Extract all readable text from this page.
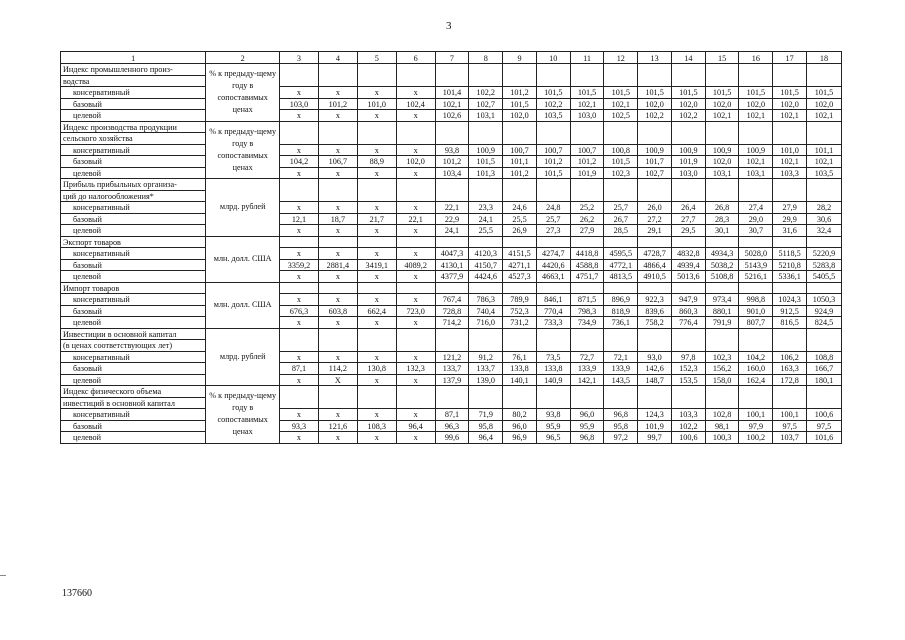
3
1	2	3	4	5	6	7	8	9	10	11	12	13	14	15	16	17	18
Индекс промышленного произ-	% к предыду-щему году в сопоставимых ценах																
водства																	
консервативный		х	х	х	х	101,4	102,2	101,2	101,5	101,5	101,5	101,5	101,5	101,5	101,5	101,5	101,5
базовый		103,0	101,2	101,0	102,4	102,1	102,7	101,5	102,2	102,1	102,1	102,0	102,0	102,0	102,0	102,0	102,0
целевой		х	х	х	х	102,6	103,1	102,0	103,5	103,0	102,5	102,2	102,2	102,1	102,1	102,1	102,1
Индекс производства продукции	% к предыду-щему году в сопоставимых ценах																
сельского хозяйства																	
консервативный		х	х	х	х	93,8	100,9	100,7	100,7	100,7	100,8	100,9	100,9	100,9	100,9	101,0	101,1
базовый		104,2	106,7	88,9	102,0	101,2	101,5	101,1	101,2	101,2	101,5	101,7	101,9	102,0	102,1	102,1	102,1
целевой		х	х	х	х	103,4	101,3	101,2	101,5	101,9	102,3	102,7	103,0	103,1	103,1	103,3	103,5
Прибыль прибыльных организа-	млрд. рублей																
ций до налогообложения*																	
консервативный		х	х	х	х	22,1	23,3	24,6	24,8	25,2	25,7	26,0	26,4	26,8	27,4	27,9	28,2
базовый		12,1	18,7	21,7	22,1	22,9	24,1	25,5	25,7	26,2	26,7	27,2	27,7	28,3	29,0	29,9	30,6
целевой		х	х	х	х	24,1	25,5	26,9	27,3	27,9	28,5	29,1	29,5	30,1	30,7	31,6	32,4
Экспорт товаров	млн. долл. США																
консервативный		х	х	х	х	4047,3	4120,3	4151,5	4274,7	4418,8	4595,5	4728,7	4832,8	4934,3	5028,0	5118,5	5220,9
базовый		3359,2	2881,4	3419,1	4089,2	4130,1	4150,7	4271,1	4420,6	4588,8	4772,1	4866,4	4939,4	5038,2	5143,9	5210,8	5283,8
целевой		х	х	х	х	4377,9	4424,6	4527,3	4663,1	4751,7	4813,5	4910,5	5013,6	5108,8	5216,1	5336,1	5405,5
Импорт товаров	млн. долл. США																
консервативный		х	х	х	х	767,4	786,3	789,9	846,1	871,5	896,9	922,3	947,9	973,4	998,8	1024,3	1050,3
базовый		676,3	603,8	662,4	723,0	728,8	740,4	752,3	770,4	798,3	818,9	839,6	860,3	880,1	901,0	912,5	924,9
целевой		х	х	х	х	714,2	716,0	731,2	733,3	734,9	736,1	758,2	776,4	791,9	807,7	816,5	824,5
Инвестиции в основной капитал	млрд. рублей																
(в ценах соответствующих лет)																	
консервативный		х	х	х	х	121,2	91,2	76,1	73,5	72,7	72,1	93,0	97,8	102,3	104,2	106,2	108,8
базовый		87,1	114,2	130,8	132,3	133,7	133,7	133,8	133,8	133,9	133,9	142,6	152,3	156,2	160,0	163,3	166,7
целевой		х	Х	х	х	137,9	139,0	140,1	140,9	142,1	143,5	148,7	153,5	158,0	162,4	172,8	180,1
Индекс физического объема	% к предыду-щему году в сопоставимых ценах																
инвестиций в основной капитал																	
консервативный		х	х	х	х	87,1	71,9	80,2	93,8	96,0	96,8	124,3	103,3	102,8	100,1	100,1	100,6
базовый		93,3	121,6	108,3	96,4	96,3	95,8	96,0	95,9	95,9	95,8	101,9	102,2	98,1	97,9	97,5	97,5
целевой		х	х	х	х	99,6	96,4	96,9	96,5	96,8	97,2	99,7	100,6	100,3	100,2	103,7	101,6
137660
